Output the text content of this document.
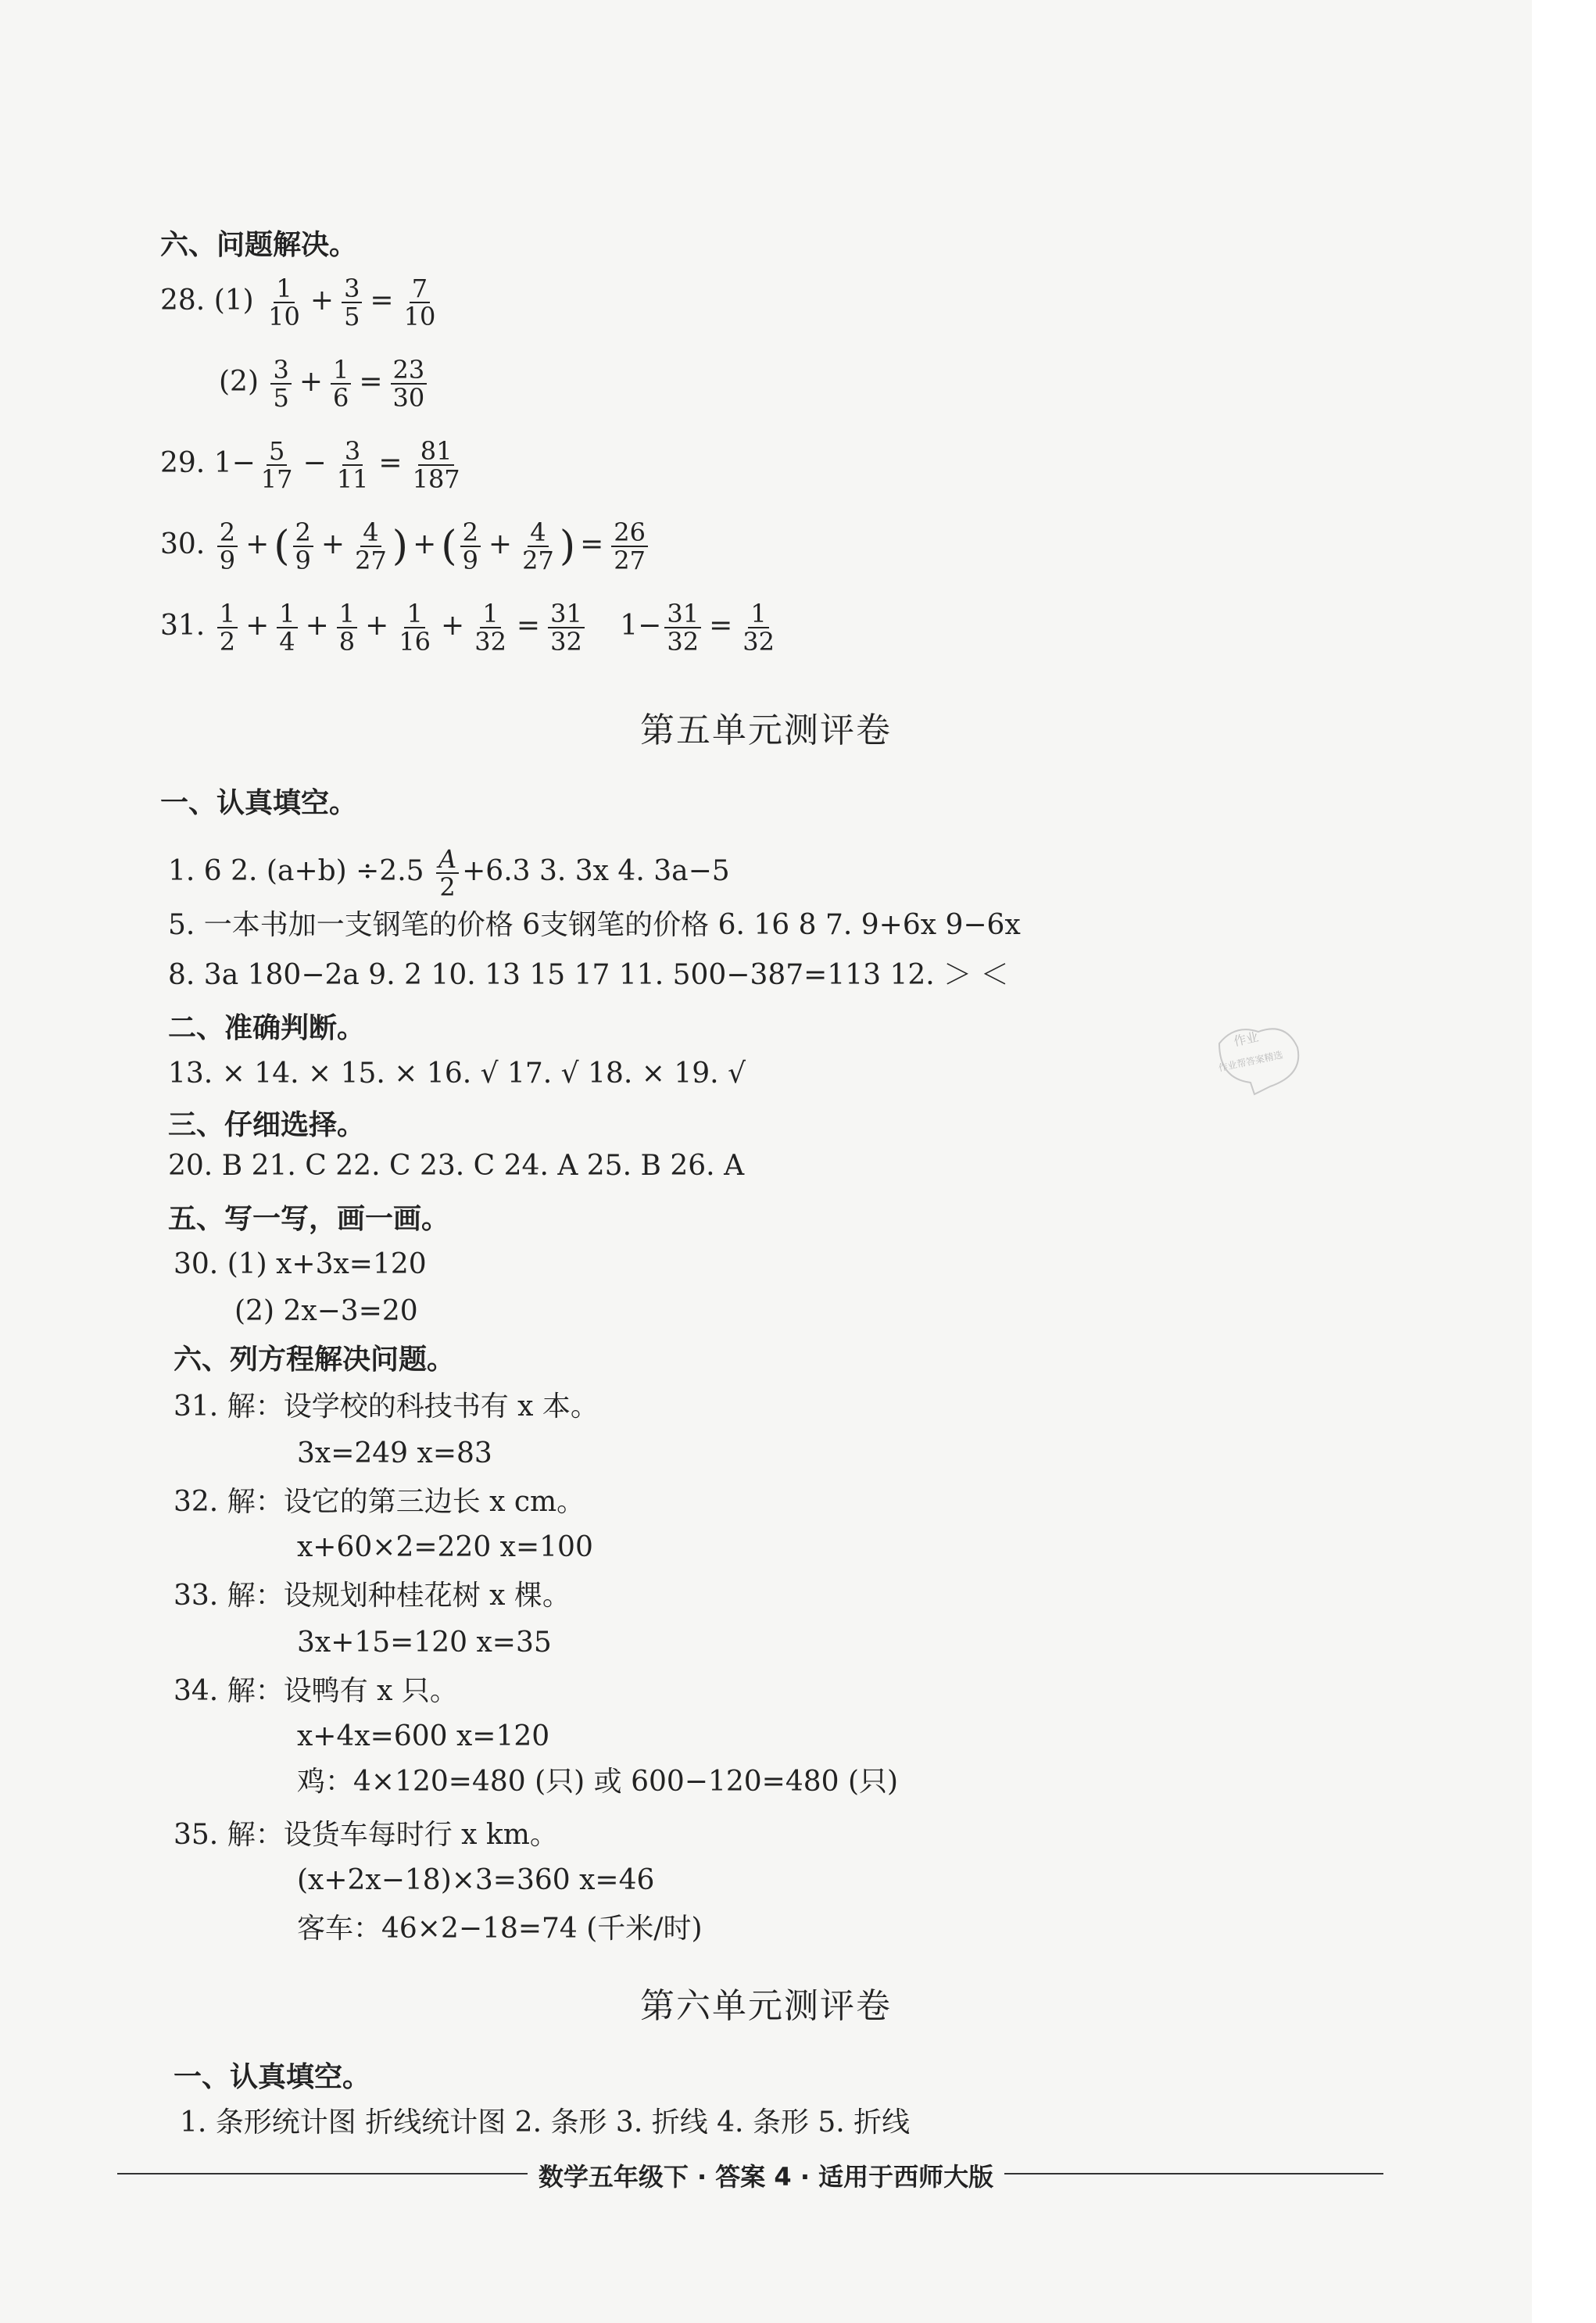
六、问题解决。
28. $(1) \frac{1}{10} + \frac{3}{5} = \frac{7}{10}$
$(2) \frac{3}{5} + \frac{1}{6} = \frac{23}{30}$
29. $1- \frac{5}{17} - \frac{3}{11} = \frac{81}{187}$
30. $\frac{2}{9}$ + ( $\frac{2}{9} + \frac{4}{27}$ ) + ( $\frac{2}{9} + \frac{4}{27}$ ) = $\frac{26}{27}$
31. $\frac{1}{2} + \frac{1}{4} + \frac{1}{8} + \frac{1}{16} + \frac{1}{32} = \frac{31}{32} 1- \frac{31}{32} = \frac{1}{32}$
第五单元测评卷
一、认真填空。
1. 6 2. $(a+b) \div 2.5 \frac{A}{2} +6.3$ 3. 3x 4. 3a−5
5. 一本书加一支钢笔的价格 6支钢笔的价格 6. 16 8 7. 9+6x 9−6x
8. 3a 180−2a 9. 2 10. 13 15 17 11. 500−387=113 12. ＞ ＜
二、准确判断。
13. × 14. × 15. × 16. √ 17. √ 18. × 19. √
三、仔细选择。
20. B 21. C 22. C 23. C 24. A 25. B 26. A
五、写一写，画一画。
30. (1) x+3x=120
(2) 2x−3=20
六、列方程解决问题。
31. 解：设学校的科技书有 x 本。
3x=249 x=83
32. 解：设它的第三边长 x cm。
x+60×2=220 x=100
33. 解：设规划种桂花树 x 棵。
3x+15=120 x=35
34. 解：设鸭有 x 只。
x+4x=600 x=120
鸡：4×120=480 (只) 或 600−120=480 (只)
35. 解：设货车每时行 x km。
(x+2x−18)×3=360 x=46
客车：46×2−18=74 (千米/时)
第六单元测评卷
一、认真填空。
1. 条形统计图 折线统计图 2. 条形 3. 折线 4. 条形 5. 折线
数学五年级下 · 答案 4 · 适用于西师大版
作业
作业帮答案精选
